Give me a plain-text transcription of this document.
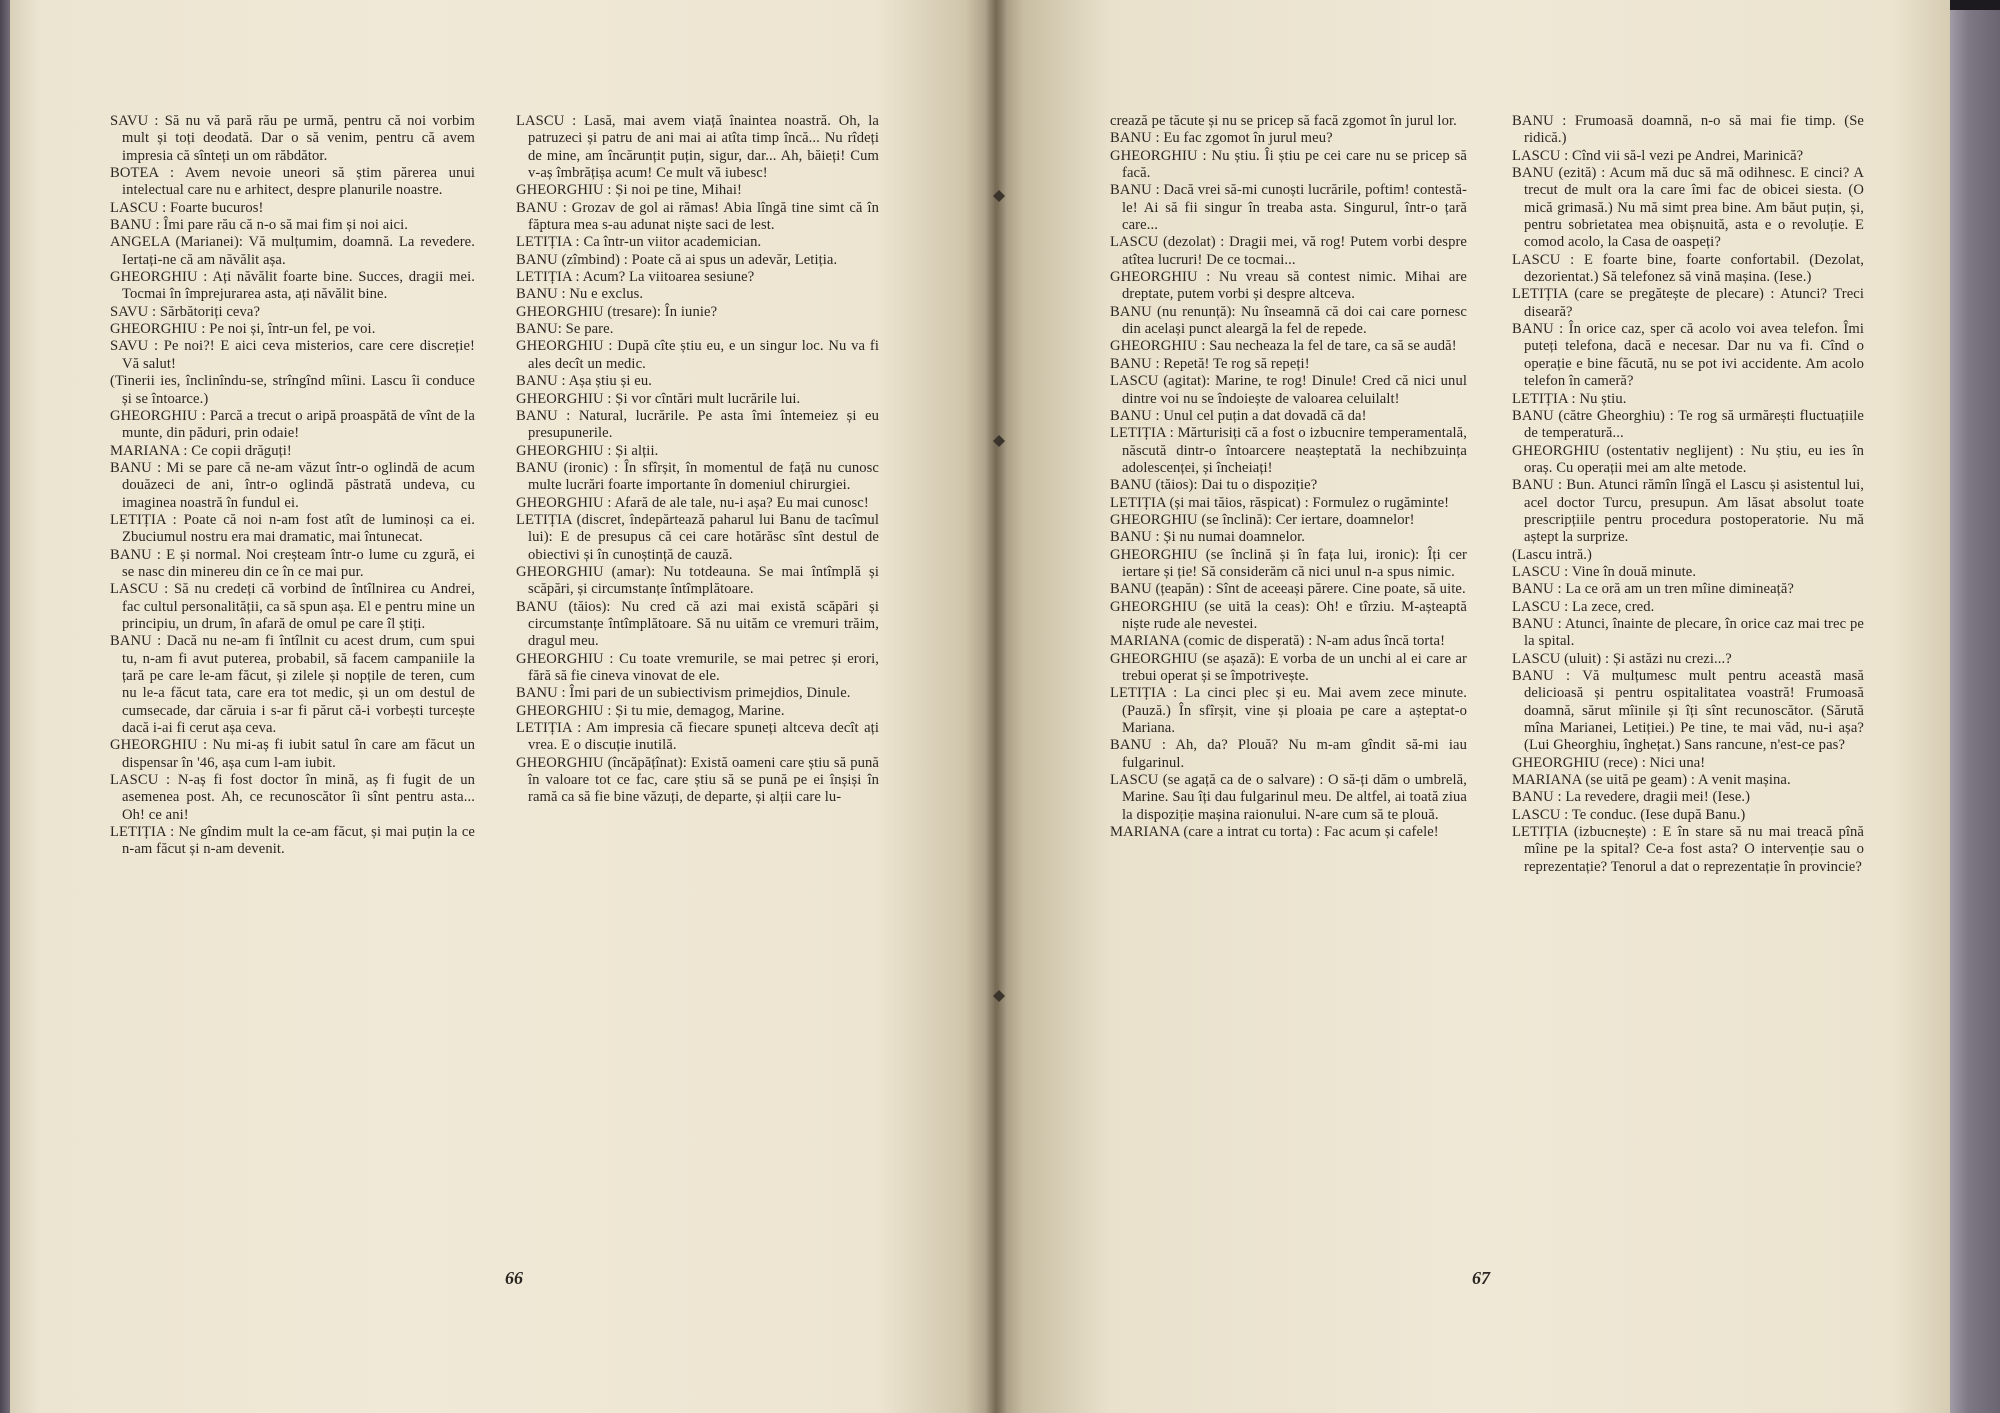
SAVU : Să nu vă pară rău pe urmă, pentru că noi vorbim mult și toți deodată. Dar o să venim, pentru că avem impresia că sînteți un om răbdător.

BOTEA : Avem nevoie uneori să știm părerea unui intelectual care nu e arhitect, despre planurile noastre.

LASCU : Foarte bucuros!

BANU : Îmi pare rău că n-o să mai fim și noi aici.

ANGELA (Marianei): Vă mulțumim, doamnă. La revedere. Iertați-ne că am năvălit așa.

GHEORGHIU : Ați năvălit foarte bine. Succes, dragii mei. Tocmai în împrejurarea asta, ați năvălit bine.

SAVU : Sărbătoriți ceva?

GHEORGHIU : Pe noi și, într-un fel, pe voi.

SAVU : Pe noi?! E aici ceva misterios, care cere discreție! Vă salut!

(Tinerii ies, înclinîndu-se, strîngînd mîini. Lascu îi conduce și se întoarce.)

GHEORGHIU : Parcă a trecut o aripă proaspătă de vînt de la munte, din păduri, prin odaie!

MARIANA : Ce copii drăguți!

BANU : Mi se pare că ne-am văzut într-o oglindă de acum douăzeci de ani, într-o oglindă păstrată undeva, cu imaginea noastră în fundul ei.

LETIȚIA : Poate că noi n-am fost atît de luminoși ca ei. Zbuciumul nostru era mai dramatic, mai întunecat.

BANU : E și normal. Noi creșteam într-o lume cu zgură, ei se nasc din minereu din ce în ce mai pur.

LASCU : Să nu credeți că vorbind de întîlnirea cu Andrei, fac cultul personalității, ca să spun așa. El e pentru mine un principiu, un drum, în afară de omul pe care îl știți.

BANU : Dacă nu ne-am fi întîlnit cu acest drum, cum spui tu, n-am fi avut puterea, probabil, să facem campaniile la țară pe care le-am făcut, și zilele și nopțile de teren, cum nu le-a făcut tata, care era tot medic, și un om destul de cumsecade, dar căruia i s-ar fi părut că-i vorbești turcește dacă i-ai fi cerut așa ceva.

GHEORGHIU : Nu mi-aș fi iubit satul în care am făcut un dispensar în '46, așa cum l-am iubit.

LASCU : N-aș fi fost doctor în mină, aș fi fugit de un asemenea post. Ah, ce recunoscător îi sînt pentru asta... Oh! ce ani!

LETIȚIA : Ne gîndim mult la ce-am făcut, și mai puțin la ce n-am făcut și n-am devenit.

LASCU : Lasă, mai avem viață înaintea noastră. Oh, la patruzeci și patru de ani mai ai atîta timp încă... Nu rîdeți de mine, am încărunțit puțin, sigur, dar... Ah, băieți! Cum v-aș îmbrățișa acum! Ce mult vă iubesc!

GHEORGHIU : Și noi pe tine, Mihai!

BANU : Grozav de gol ai rămas! Abia lîngă tine simt că în făptura mea s-au adunat niște saci de lest.

LETIȚIA : Ca într-un viitor academician.

BANU (zîmbind) : Poate că ai spus un adevăr, Letiția.

LETIȚIA : Acum? La viitoarea sesiune?

BANU : Nu e exclus.

GHEORGHIU (tresare): În iunie?

BANU: Se pare.

GHEORGHIU : După cîte știu eu, e un singur loc. Nu va fi ales decît un medic.

BANU : Așa știu și eu.

GHEORGHIU : Și vor cîntări mult lucrările lui.

BANU : Natural, lucrările. Pe asta îmi întemeiez și eu presupunerile.

GHEORGHIU : Și alții.

BANU (ironic) : În sfîrșit, în momentul de față nu cunosc multe lucrări foarte importante în domeniul chirurgiei.

GHEORGHIU : Afară de ale tale, nu-i așa? Eu mai cunosc!

LETIȚIA (discret, îndepărtează paharul lui Banu de tacîmul lui): E de presupus că cei care hotărăsc sînt destul de obiectivi și în cunoștință de cauză.

GHEORGHIU (amar): Nu totdeauna. Se mai întîmplă și scăpări, și circumstanțe întîmplătoare.

BANU (tăios): Nu cred că azi mai există scăpări și circumstanțe întîmplătoare. Să nu uităm ce vremuri trăim, dragul meu.

GHEORGHIU : Cu toate vremurile, se mai petrec și erori, fără să fie cineva vinovat de ele.

BANU : Îmi pari de un subiectivism primejdios, Dinule.

GHEORGHIU : Și tu mie, demagog, Marine.

LETIȚIA : Am impresia că fiecare spuneți altceva decît ați vrea. E o discuție inutilă.

GHEORGHIU (încăpățînat): Există oameni care știu să pună în valoare tot ce fac, care știu să se pună pe ei înșiși în ramă ca să fie bine văzuți, de departe, și alții care lu-

crează pe tăcute și nu se pricep să facă zgomot în jurul lor.

BANU : Eu fac zgomot în jurul meu?

GHEORGHIU : Nu știu. Îi știu pe cei care nu se pricep să facă.

BANU : Dacă vrei să-mi cunoști lucrările, poftim! contestă-le! Ai să fii singur în treaba asta. Singurul, într-o țară care...

LASCU (dezolat) : Dragii mei, vă rog! Putem vorbi despre atîtea lucruri! De ce tocmai...

GHEORGHIU : Nu vreau să contest nimic. Mihai are dreptate, putem vorbi și despre altceva.

BANU (nu renunță): Nu înseamnă că doi cai care pornesc din același punct aleargă la fel de repede.

GHEORGHIU : Sau necheaza la fel de tare, ca să se audă!

BANU : Repetă! Te rog să repeți!

LASCU (agitat): Marine, te rog! Dinule! Cred că nici unul dintre voi nu se îndoiește de valoarea celuilalt!

BANU : Unul cel puțin a dat dovadă că da!

LETIȚIA : Mărturisiți că a fost o izbucnire temperamentală, născută dintr-o întoarcere neașteptată la nechibzuința adolescenței, și încheiați!

BANU (tăios): Dai tu o dispoziție?

LETIȚIA (și mai tăios, răspicat) : Formulez o rugăminte!

GHEORGHIU (se înclină): Cer iertare, doamnelor!

BANU : Și nu numai doamnelor.

GHEORGHIU (se înclină și în fața lui, ironic): Îți cer iertare și ție! Să considerăm că nici unul n-a spus nimic.

BANU (țeapăn) : Sînt de aceeași părere. Cine poate, să uite.

GHEORGHIU (se uită la ceas): Oh! e tîrziu. M-așteaptă niște rude ale nevestei.

MARIANA (comic de disperată) : N-am adus încă torta!

GHEORGHIU (se așază): E vorba de un unchi al ei care ar trebui operat și se împotrivește.

LETIȚIA : La cinci plec și eu. Mai avem zece minute. (Pauză.) În sfîrșit, vine și ploaia pe care a așteptat-o Mariana.

BANU : Ah, da? Plouă? Nu m-am gîndit să-mi iau fulgarinul.

LASCU (se agață ca de o salvare) : O să-ți dăm o umbrelă, Marine. Sau îți dau fulgarinul meu. De altfel, ai toată ziua la dispoziție mașina raionului. N-are cum să te plouă.

MARIANA (care a intrat cu torta) : Fac acum și cafele!

BANU : Frumoasă doamnă, n-o să mai fie timp. (Se ridică.)

LASCU : Cînd vii să-l vezi pe Andrei, Marinică?

BANU (ezită) : Acum mă duc să mă odihnesc. E cinci? A trecut de mult ora la care îmi fac de obicei siesta. (O mică grimasă.) Nu mă simt prea bine. Am băut puțin, și, pentru sobrietatea mea obișnuită, asta e o revoluție. E comod acolo, la Casa de oaspeți?

LASCU : E foarte bine, foarte confortabil. (Dezolat, dezorientat.) Să telefonez să vină mașina. (Iese.)

LETIȚIA (care se pregătește de plecare) : Atunci? Treci diseară?

BANU : În orice caz, sper că acolo voi avea telefon. Îmi puteți telefona, dacă e necesar. Dar nu va fi. Cînd o operație e bine făcută, nu se pot ivi accidente. Am acolo telefon în cameră?

LETIȚIA : Nu știu.

BANU (către Gheorghiu) : Te rog să urmărești fluctuațiile de temperatură...

GHEORGHIU (ostentativ neglijent) : Nu știu, eu ies în oraș. Cu operații mei am alte metode.

BANU : Bun. Atunci rămîn lîngă el Lascu și asistentul lui, acel doctor Turcu, presupun. Am lăsat absolut toate prescripțiile pentru procedura postoperatorie. Nu mă aștept la surprize.

(Lascu intră.)

LASCU : Vine în două minute.

BANU : La ce oră am un tren mîine dimineață?

LASCU : La zece, cred.

BANU : Atunci, înainte de plecare, în orice caz mai trec pe la spital.

LASCU (uluit) : Și astăzi nu crezi...?

BANU : Vă mulțumesc mult pentru această masă delicioasă și pentru ospitalitatea voastră! Frumoasă doamnă, sărut mîinile și îți sînt recunoscător. (Sărută mîna Marianei, Letiției.) Pe tine, te mai văd, nu-i așa? (Lui Gheorghiu, înghețat.) Sans rancune, n'est-ce pas?

GHEORGHIU (rece) : Nici una!

MARIANA (se uită pe geam) : A venit mașina.

BANU : La revedere, dragii mei! (Iese.)

LASCU : Te conduc. (Iese după Banu.)

LETIȚIA (izbucnește) : E în stare să nu mai treacă pînă mîine pe la spital? Ce-a fost asta? O intervenție sau o reprezentație? Tenorul a dat o reprezentație în provincie?

66	67
